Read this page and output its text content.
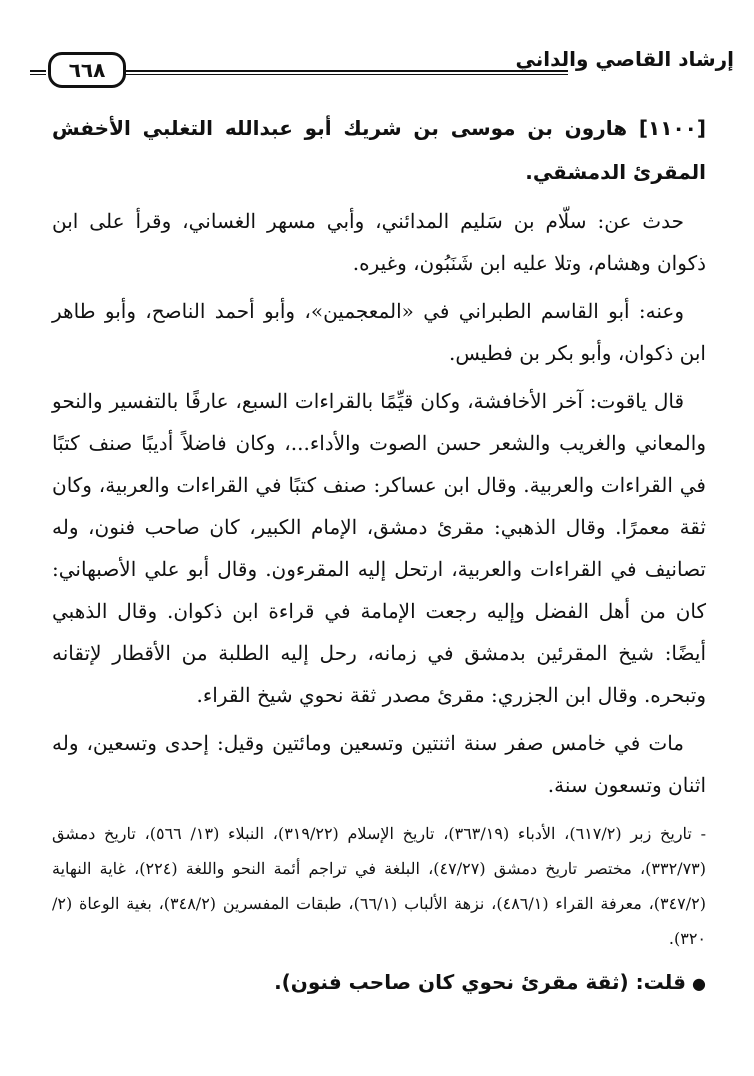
إرشاد القاصي والداني
٦٦٨
[١١٠٠] هارون بن موسى بن شريك أبو عبدالله التغلبي الأخفش المقرئ الدمشقي.

حدث عن: سلّام بن سَليم المدائني، وأبي مسهر الغساني، وقرأ على ابن ذكوان وهشام، وتلا عليه ابن شَنَبُون، وغيره.

وعنه: أبو القاسم الطبراني في «المعجمين»، وأبو أحمد الناصح، وأبو طاهر ابن ذكوان، وأبو بكر بن فطيس.

قال ياقوت: آخر الأخافشة، وكان قيِّمًا بالقراءات السبع، عارفًا بالتفسير والنحو والمعاني والغريب والشعر حسن الصوت والأداء...، وكان فاضلاً أديبًا صنف كتبًا في القراءات والعربية. وقال ابن عساكر: صنف كتبًا في القراءات والعربية، وكان ثقة معمرًا. وقال الذهبي: مقرئ دمشق، الإمام الكبير، كان صاحب فنون، وله تصانيف في القراءات والعربية، ارتحل إليه المقرءون. وقال أبو علي الأصبهاني: كان من أهل الفضل وإليه رجعت الإمامة في قراءة ابن ذكوان. وقال الذهبي أيضًا: شيخ المقرئين بدمشق في زمانه، رحل إليه الطلبة من الأقطار لإتقانه وتبحره. وقال ابن الجزري: مقرئ مصدر ثقة نحوي شيخ القراء.

مات في خامس صفر سنة اثنتين وتسعين ومائتين وقيل: إحدى وتسعين، وله اثنان وتسعون سنة.

- تاريخ زبر (٦١٧/٢)، الأدباء (٣٦٣/١٩)، تاريخ الإسلام (٣١٩/٢٢)، النبلاء (١٣/ ٥٦٦)، تاريخ دمشق (٣٣٢/٧٣)، مختصر تاريخ دمشق (٤٧/٢٧)، البلغة في تراجم أئمة النحو واللغة (٢٢٤)، غاية النهاية (٣٤٧/٢)، معرفة القراء (٤٨٦/١)، نزهة الألباب (٦٦/١)، طبقات المفسرين (٣٤٨/٢)، بغية الوعاة (٢/ ٣٢٠).
●قلت: (ثقة مقرئ نحوي كان صاحب فنون).
